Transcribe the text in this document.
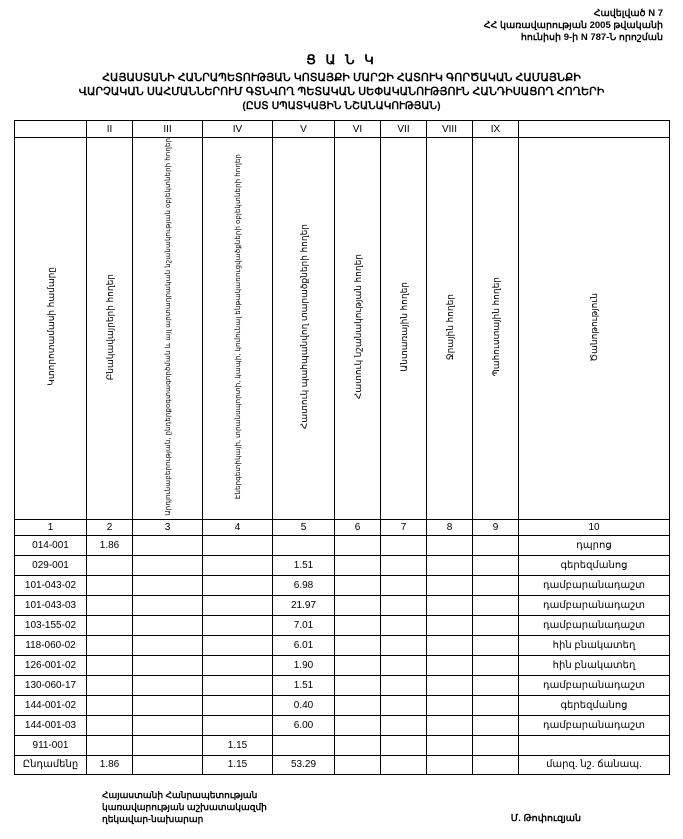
Հավելված N 7
ՀՀ կառավարության 2005 թվականի
հունիսի 9-ի N 787-Ն որոշման
Ց Ա Ն Կ
ՀԱՅԱՍՏԱՆԻ ՀԱՆՐԱՊԵՏՈՒԹՅԱՆ ԿՈՏԱՅՔԻ ՄԱՐԶԻ ՀԱՏՈՒԿ ԳՈՐԾԱԿԱՆ ՀԱՄԱՅՆՔԻ
ՎԱՐՉԱԿԱՆ ՍԱՀՄԱՆՆԵՐՈՒՄ ԳՏՆՎՈՂ ՊԵՏԱԿԱՆ ՍԵՓԱԿԱՆՈՒԹՅՈՒՆ ՀԱՆԴԻՍԱՑՈՂ ՀՈՂԵՐԻ
(ԸՍՏ ՍՊԱՏԿԱՅԻՆ ՆՇԱՆԱԿՈՒԹՅԱՆ)
	II	III	IV	V	VI	VII	VIII	IX	
Կտորոտամասի համարը	Բնակավայրերի հողեր	Արդյունաբերության, ընդերքօգտագործման և այլ արտադրական նշանակության օբյեկտների հողեր	Էներգետիկայի, տրանսպորտի, կապի, կոմունալ ենթակառուցվածքների օբյեկտների հողեր	Հատուկ պահպանվող տարածքների հողեր	Հատուկ նշանակության հողեր	Անտառային հողեր	Ջրային հողեր	Պահուստային հողեր	Ծանոթություն
1	2	3	4	5	6	7	8	9	10
014-001	1.86								դպրոց
029-001				1.51					գերեզմանոց
101-043-02				6.98					դամբարանադաշտ
101-043-03				21.97					դամբարանադաշտ
103-155-02				7.01					դամբարանադաշտ
118-060-02				6.01					հին բնակատեղ
126-001-02				1.90					հին բնակատեղ
130-060-17				1.51					դամբարանադաշտ
144-001-02				0.40					գերեզմանոց
144-001-03				6.00					դամբարանադաշտ
911-001			1.15						
Ընդամենը	1.86		1.15	53.29					մարզ. նշ. ճանապ.
Հայաստանի Հանրապետության
կառավարության աշխատակազմի
ղեկավար-նախարար	Մ. Թոփուզյան
